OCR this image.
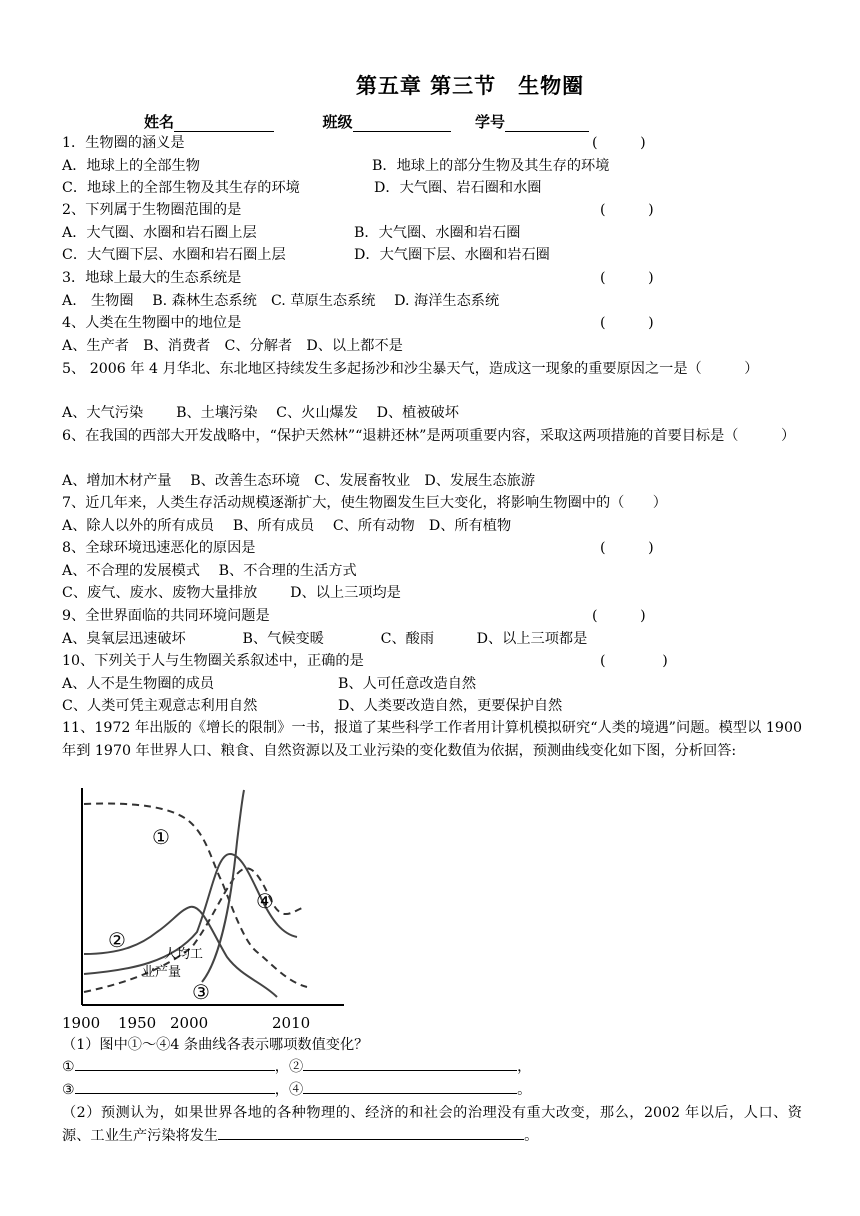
第五章 第三节　生物圈
姓名	班级	学号
1．生物圈的涵义是	(　　　)
A．地球上的全部生物	B．地球上的部分生物及其生存的环境
C．地球上的全部生物及其生存的环境	D．大气圈、岩石圈和水圈
2、下列属于生物圈范围的是	(　　　)
A．大气圈、水圈和岩石圈上层	B．大气圈、水圈和岩石圈
C．大气圈下层、水圈和岩石圈上层	D．大气圈下层、水圈和岩石圈
3．地球上最大的生态系统是	(　　　)
A.　生物圈　 B. 森林生态系统　C. 草原生态系统　 D. 海洋生态系统
4、人类在生物圈中的地位是	(　　　)
A、生产者　B、消费者　C、分解者　D、以上都不是
5、 2006 年 4 月华北、东北地区持续发生多起扬沙和沙尘暴天气，造成这一现象的重要原因之一是（　　　）
A、大气污染　　 B、土壤污染　 C、火山爆发　 D、植被破坏
6、在我国的西部大开发战略中，“保护天然林”“退耕还林”是两项重要内容，采取这两项措施的首要目标是（　　　）
A、增加木材产量　 B、改善生态环境　C、发展畜牧业　D、发展生态旅游
7、近几年来，人类生存活动规模逐渐扩大，使生物圈发生巨大变化，将影响生物圈中的（　　）
A、除人以外的所有成员　 B、所有成员　 C、所有动物　D、所有植物
8、全球环境迅速恶化的原因是	(　　　)
A、不合理的发展模式　 B、不合理的生活方式
C、废气、废水、废物大量排放　　 D、以上三项均是
9、全世界面临的共同环境问题是	(　　　)
A、臭氧层迅速破坏　　　　B、气候变暖　　　　C、酸雨　　　D、以上三项都是
10、下列关于人与生物圈关系叙述中，正确的是	(　　　　)
A、人不是生物圈的成员	B、人可任意改造自然
C、人类可凭主观意志利用自然	D、人类要改造自然，更要保护自然
11、1972 年出版的《增长的限制》一书，报道了某些科学工作者用计算机模拟研究“人类的境遇”问题。模型以 1900 年到 1970 年世界人口、粮食、自然资源以及工业污染的变化数值为依据，预测曲线变化如下图，分析回答:
①
②
③
④
人均工
业产量
1900 1950 2000	2010
（1）图中①～④4 条曲线各表示哪项数值变化？
①	，②	，
③	，④	。
（2）预测认为，如果世界各地的各种物理的、经济的和社会的治理没有重大改变，那么，2002 年以后，人口、资源、工业生产污染将发生	。
